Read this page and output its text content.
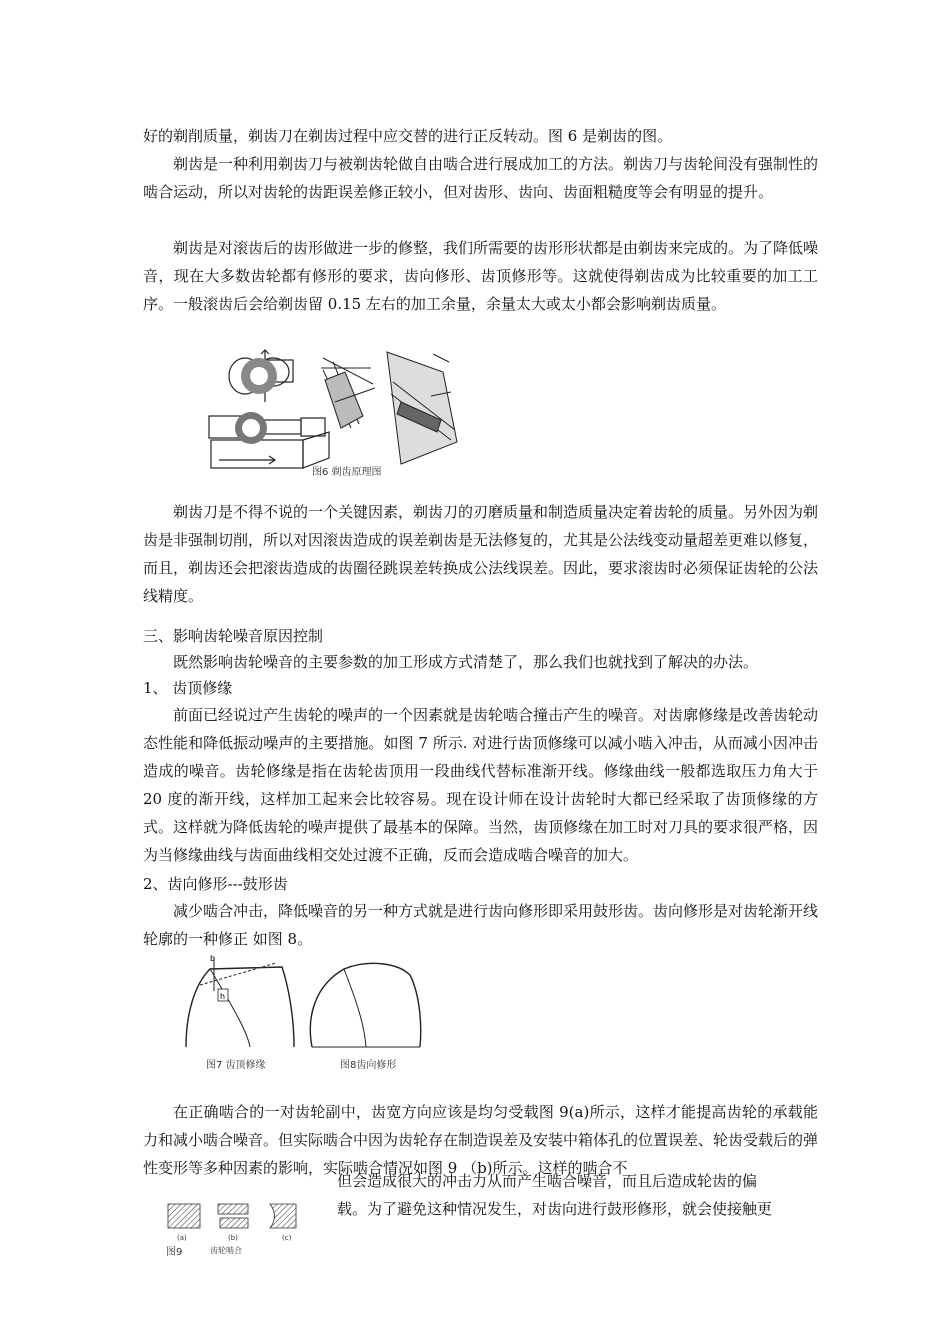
好的剃削质量，剃齿刀在剃齿过程中应交替的进行正反转动。图 6 是剃齿的图。

剃齿是一种利用剃齿刀与被剃齿轮做自由啮合进行展成加工的方法。剃齿刀与齿轮间没有强制性的啮合运动，所以对齿轮的齿距误差修正较小，但对齿形、齿向、齿面粗糙度等会有明显的提升。

剃齿是对滚齿后的齿形做进一步的修整，我们所需要的齿形形状都是由剃齿来完成的。为了降低噪音，现在大多数齿轮都有修形的要求，齿向修形、齿顶修形等。这就使得剃齿成为比较重要的加工工序。一般滚齿后会给剃齿留 0.15 左右的加工余量，余量太大或太小都会影响剃齿质量。

图6 剃齿原理图

剃齿刀是不得不说的一个关键因素，剃齿刀的刃磨质量和制造质量决定着齿轮的质量。另外因为剃齿是非强制切削，所以对因滚齿造成的误差剃齿是无法修复的，尤其是公法线变动量超差更难以修复，而且，剃齿还会把滚齿造成的齿圈径跳误差转换成公法线误差。因此，要求滚齿时必须保证齿轮的公法线精度。

三、影响齿轮噪音原因控制

既然影响齿轮噪音的主要参数的加工形成方式清楚了，那么我们也就找到了解决的办法。

1、 齿顶修缘

前面已经说过产生齿轮的噪声的一个因素就是齿轮啮合撞击产生的噪音。对齿廓修缘是改善齿轮动态性能和降低振动噪声的主要措施。如图 7 所示. 对进行齿顶修缘可以减小啮入冲击，从而减小因冲击造成的噪音。齿轮修缘是指在齿轮齿顶用一段曲线代替标准渐开线。修缘曲线一般都选取压力角大于 20 度的渐开线，这样加工起来会比较容易。现在设计师在设计齿轮时大都已经采取了齿顶修缘的方式。这样就为降低齿轮的噪声提供了最基本的保障。当然，齿顶修缘在加工时对刀具的要求很严格，因为当修缘曲线与齿面曲线相交处过渡不正确，反而会造成啮合噪音的加大。

2、齿向修形---鼓形齿

减少啮合冲击，降低噪音的另一种方式就是进行齿向修形即采用鼓形齿。齿向修形是对齿轮渐开线轮廓的一种修正 如图 8。

h
b
图7 齿顶修缘	图8齿向修形

在正确啮合的一对齿轮副中，齿宽方向应该是均匀受载图 9(a)所示，这样才能提高齿轮的承载能力和减小啮合噪音。但实际啮合中因为齿轮存在制造误差及安装中箱体孔的位置误差、轮齿受载后的弹性变形等多种因素的影响，实际啮合情况如图 9 （b)所示。这样的啮合不

(a)	(b)	(c)
图9	齿轮啮合

但会造成很大的冲击力从而产生啮合噪音，而且后造成轮齿的偏

载。为了避免这种情况发生，对齿向进行鼓形修形，就会使接触更
